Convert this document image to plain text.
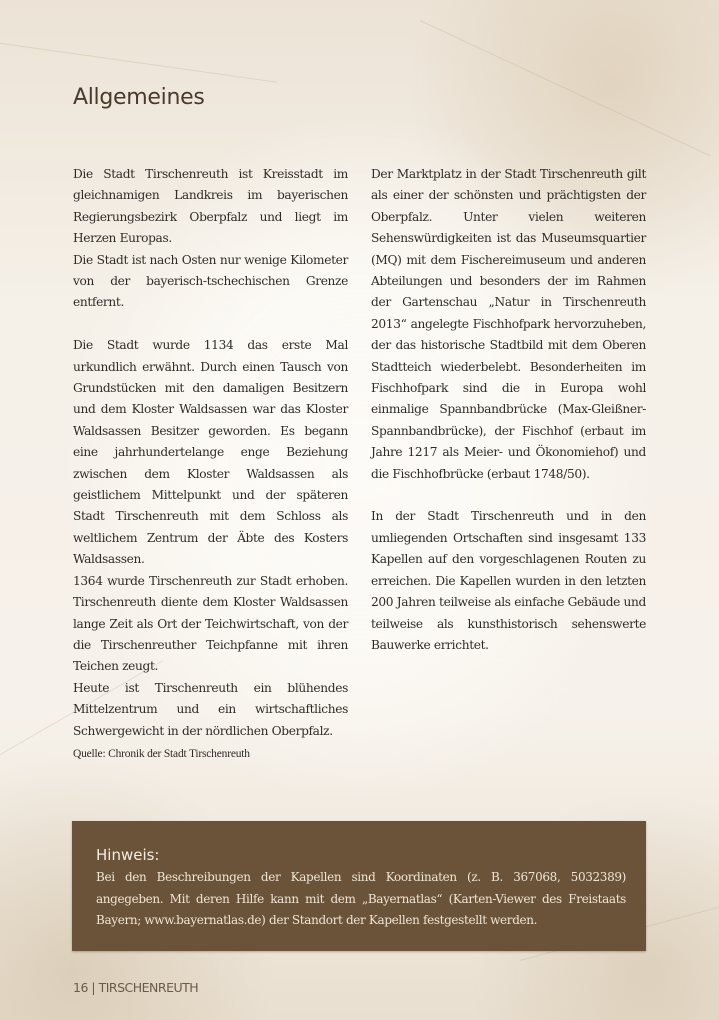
Allgemeines

Die Stadt Tirschenreuth ist Kreisstadt im gleichnamigen Landkreis im bayerischen Regierungsbezirk Oberpfalz und liegt im Herzen Europas.

Die Stadt ist nach Osten nur wenige Kilometer von der bayerisch-tschechischen Grenze entfernt.

Die Stadt wurde 1134 das erste Mal urkundlich erwähnt. Durch einen Tausch von Grundstücken mit den damaligen Besitzern und dem Kloster Waldsassen war das Kloster Waldsassen Besitzer geworden. Es begann eine jahrhundertelange enge Beziehung zwischen dem Kloster Waldsassen als geistlichem Mittelpunkt und der späteren Stadt Tirschenreuth mit dem Schloss als weltlichem Zentrum der Äbte des Kosters Waldsassen.

1364 wurde Tirschenreuth zur Stadt erhoben. Tirschenreuth diente dem Kloster Waldsassen lange Zeit als Ort der Teichwirtschaft, von der die Tirschenreuther Teichpfanne mit ihren Teichen zeugt.

Heute ist Tirschenreuth ein blühendes Mittelzentrum und ein wirtschaftliches Schwergewicht in der nördlichen Oberpfalz.

Quelle: Chronik der Stadt Tirschenreuth

Der Marktplatz in der Stadt Tirschenreuth gilt als einer der schönsten und prächtigsten der Oberpfalz. Unter vielen weiteren Sehenswürdigkeiten ist das Museumsquartier (MQ) mit dem Fischereimuseum und anderen Abteilungen und besonders der im Rahmen der Gartenschau „Natur in Tirschenreuth 2013“ angelegte Fischhofpark hervorzuheben, der das historische Stadtbild mit dem Oberen Stadtteich wiederbelebt. Besonderheiten im Fischhofpark sind die in Europa wohl einmalige Spannbandbrücke (Max-Gleißner-Spannbandbrücke), der Fischhof (erbaut im Jahre 1217 als Meier- und Ökonomiehof) und die Fischhofbrücke (erbaut 1748/50).

In der Stadt Tirschenreuth und in den umliegenden Ortschaften sind insgesamt 133 Kapellen auf den vorgeschlagenen Routen zu erreichen. Die Kapellen wurden in den letzten 200 Jahren teilweise als einfache Gebäude und teilweise als kunsthistorisch sehenswerte Bauwerke errichtet.

Hinweis:

Bei den Beschreibungen der Kapellen sind Koordinaten (z. B. 367068, 5032389) angegeben. Mit deren Hilfe kann mit dem „Bayernatlas“ (Karten-Viewer des Freistaats Bayern; www.bayernatlas.de) der Standort der Kapellen festgestellt werden.

16 | TIRSCHENREUTH
